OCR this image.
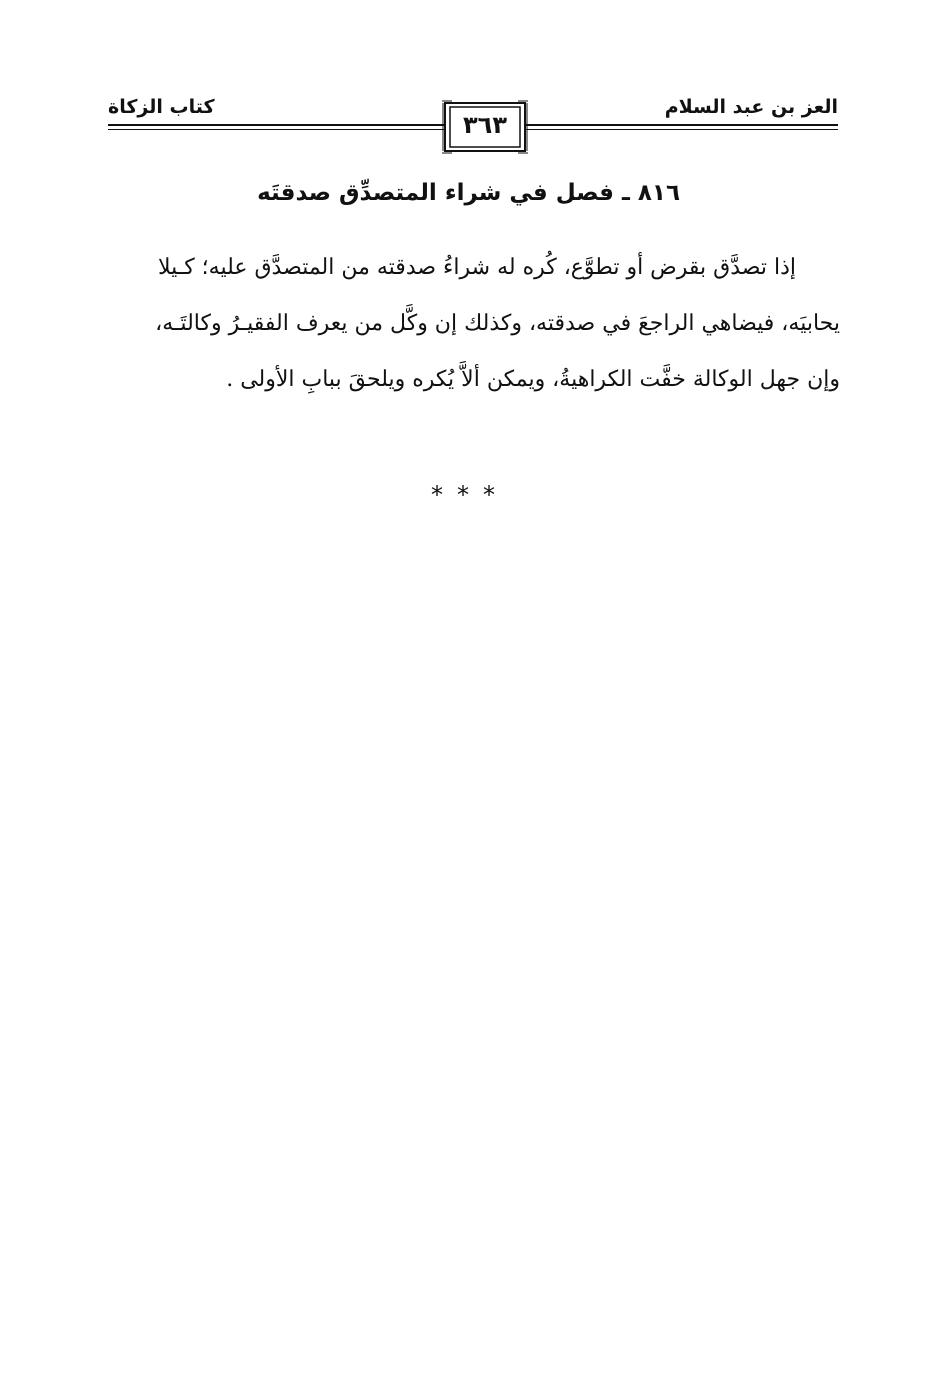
العز بن عبد السلام
كتاب الزكاة
٣٦٣
٨١٦ ـ فصل في شراء المتصدِّق صدقتَه
إذا تصدَّق بقرض أو تطوَّع، كُره له شراءُ صدقته من المتصدَّق عليه؛ كـيلا
يحابيَه، فيضاهي الراجعَ في صدقته، وكذلك إن وكَّل من يعرف الفقيـرُ وكالتَـه،
وإن جهل الوكالة خفَّت الكراهيةُ، ويمكن ألاَّ يُكره ويلحقَ ببابِ الأولى .
***
